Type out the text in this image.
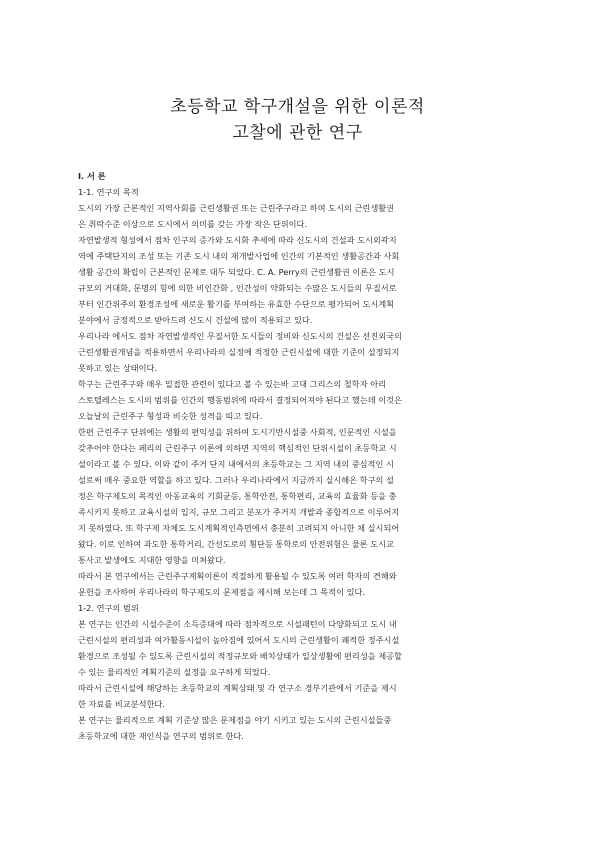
초등학교 학구개설을 위한 이론적
고찰에 관한 연구
Ⅰ. 서 론
1-1. 연구의 목적
도시의 가장 근본적인 지역사회를 근린생활권 또는 근린주구라고 하며 도시의 근린생활권
은 취락수준 이상으로 도시에서 의미를 갖는 가장 작은 단위이다.
자연발생적 형성에서 점차 인구의 증가와 도시화 추세에 따라 신도시의 건설과 도시외곽지
역에 주택단지의 조성 또는 기존 도시 내의 재개발사업에 인간의 기본적인 생활공간과 사회
생활 공간의 확립이 근본적인 문제로 대두 되었다. C. A. Perry의 근린생활권 이론은 도시
규모의 거대화, 문명의 힘에 의한 비인간화 , 인간성이 약화되는 수많은 도시들의 무질서로
부터 인간위주의 환경조성에 새로운 활기를 부여하는 유효한 수단으로 평가되어 도시계획
분야에서 긍정적으로 받아드려 신도시 건설에 많이 적용되고 있다.
우리나라 에서도 점차 자연발생적인 무질서한 도시들의 정비와 신도시의 건설은 선진외국의
근린생활권개념을 적용하면서 우리나라의 실정에 적정한 근린시설에 대한 기준이 설정되지
못하고 있는 상태이다.
학구는 근린주구와 매우 밀접한 관련이 있다고 볼 수 있는바 고대 그리스의 철학자 아리
스토텔레스는 도시의 범위를 인간의 행동범위에 따라서 결정되어져야 된다고 했는데 이것은
오늘날의 근린주구 형성과 비슷한 성격을 띠고 있다.
한편 근린주구 단위에는 생활의 편익성을 위하여 도시기반시설중 사회적, 인문적인 시설을
갖추어야 한다는 페리의 근린주구 이론에 의하면 지역의 핵심적인 단위시설이 초등학교 시
설이라고 볼 수 있다. 이와 같이 주거 단지 내에서의 초등학교는 그 지역 내의 중심적인 시
설로써 매우 중요한 역할을 하고 있다. 그러나 우리나라에서 지금까지 실시해온 학구의 설
정은 학구제도의 목적인 아동교육의 기회균등, 통학안전, 통학편리, 교육의 효율화 등을 충
족시키지 못하고 교육시설의 입지, 규모 그리고 분포가 주거지 개발과 종합적으로 이루어지
지 못하였다. 또 학구제 자체도 도시계획적인측면에서 충분히 고려되지 아니한 채 실시되어
왔다. 이로 인하여 과도한 통학거리, 간선도로의 횡단등 통학로의 안전위험은 물론 도시교
통사고 발생에도 지대한 영향을 미쳐왔다.
따라서 본 연구에서는 근린주구계획이론이 적절하게 활용될 수 있도록 여러 학자의 견해와
문헌을 조사하여 우리나라의 학구제도의 문제점을 제시해 보는데 그 목적이 있다.
1-2. 연구의 범위
본 연구는 인간의 시설수준이 소득증대에 따라 점차적으로 시설패턴이 다양화되고 도시 내
근린시설의 편리성과 여가활동시설이 높아짐에 있어서 도시의 근린생활이 쾌적한 정주시설
환경으로 조성될 수 있도록 근린시설의 적정규모와 배치상태가 일상생활에 편리성을 제공할
수 있는 물리적인 계획기준의 설정을 요구하게 되었다.
따라서 근린시설에 해당하는 초등학교의 계획상태 및 각 연구소 경부기관에서 기준을 제시
한 자료를 비교분석한다.
본 연구는 물리적으로 계획 기준상 많은 문제점을 야기 시키고 있는 도시의 근린시설들중
초등학교에 대한 재인식을 연구의 범위로 한다.
